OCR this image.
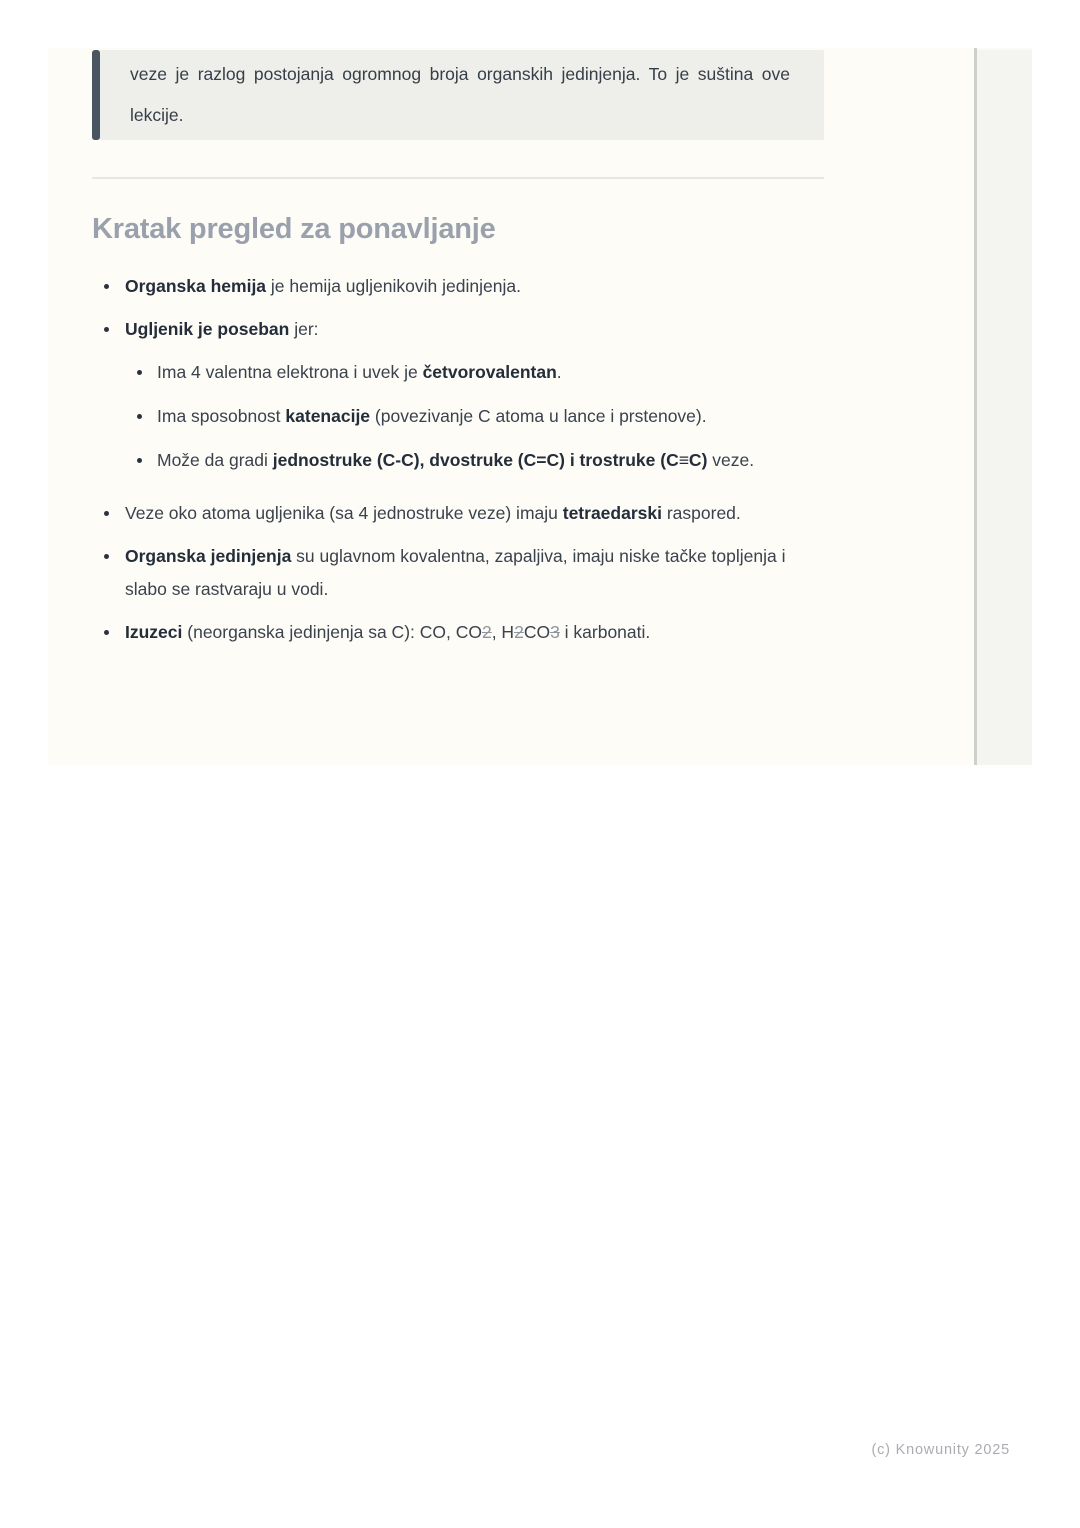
veze je razlog postojanja ogromnog broja organskih jedinjenja. To je suština ove lekcije.

Kratak pregled za ponavljanje
Organska hemija je hemija ugljenikovih jedinjenja.
Ugljenik je poseban jer:
Ima 4 valentna elektrona i uvek je četvorovalentan.
Ima sposobnost katenacije (povezivanje C atoma u lance i prstenove).
Može da gradi jednostruke (C-C), dvostruke (C=C) i trostruke (C≡C) veze.
Veze oko atoma ugljenika (sa 4 jednostruke veze) imaju tetraedarski raspored.
Organska jedinjenja su uglavnom kovalentna, zapaljiva, imaju niske tačke topljenja i slabo se rastvaraju u vodi.
Izuzeci (neorganska jedinjenja sa C): CO, CO2, H2CO3 i karbonati.
(c) Knowunity 2025
